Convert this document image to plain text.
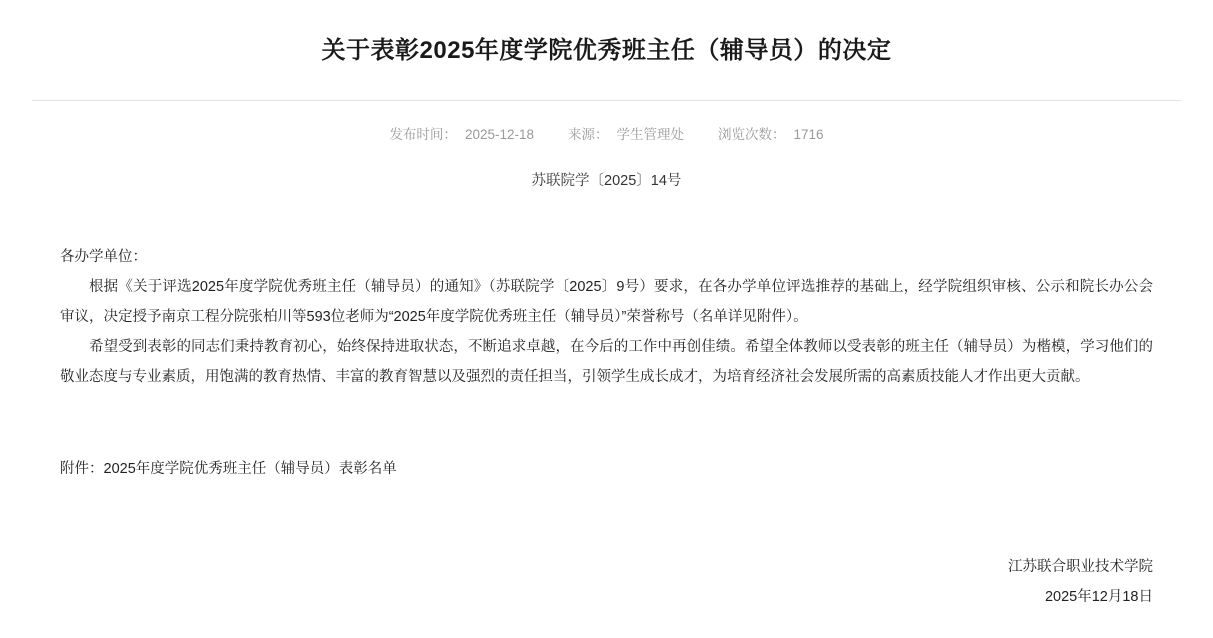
关于表彰2025年度学院优秀班主任（辅导员）的决定
发布时间： 2025-12-18	来源： 学生管理处	浏览次数： 1716
苏联院学〔2025〕14号

各办学单位：

根据《关于评选2025年度学院优秀班主任（辅导员）的通知》（苏联院学〔2025〕9号）要求，在各办学单位评选推荐的基础上，经学院组织审核、公示和院长办公会审议，决定授予南京工程分院张柏川等593位老师为“2025年度学院优秀班主任（辅导员）”荣誉称号（名单详见附件）。

希望受到表彰的同志们秉持教育初心，始终保持进取状态，不断追求卓越，在今后的工作中再创佳绩。希望全体教师以受表彰的班主任（辅导员）为楷模，学习他们的敬业态度与专业素质，用饱满的教育热情、丰富的教育智慧以及强烈的责任担当，引领学生成长成才，为培育经济社会发展所需的高素质技能人才作出更大贡献。

附件：2025年度学院优秀班主任（辅导员）表彰名单
江苏联合职业技术学院
2025年12月18日
